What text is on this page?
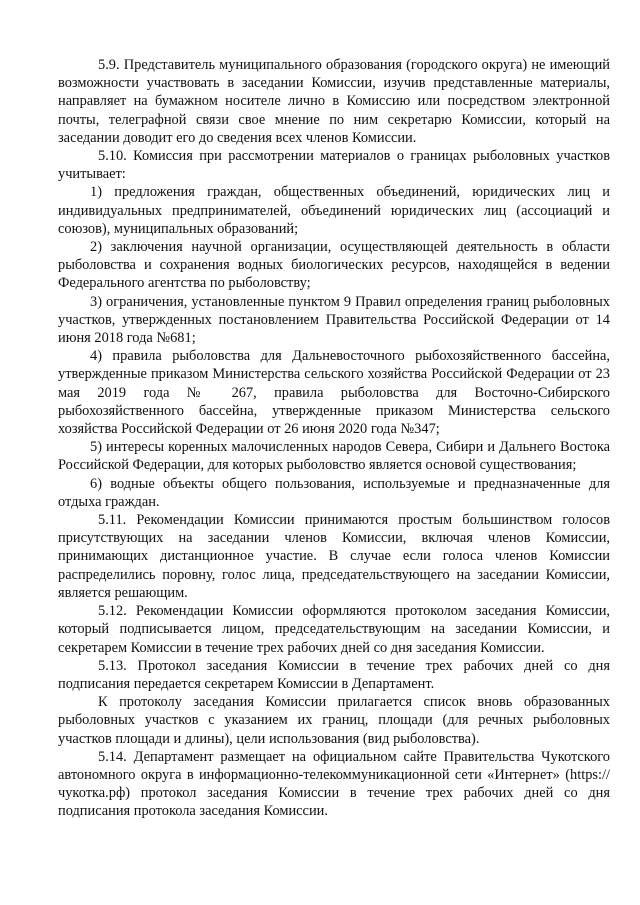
5.9. Представитель муниципального образования (городского округа) не имеющий возможности участвовать в заседании Комиссии, изучив представленные материалы, направляет на бумажном носителе лично в Комиссию или посредством электронной почты, телеграфной связи свое мнение по ним секретарю Комиссии, который на заседании доводит его до сведения всех членов Комиссии.

5.10. Комиссия при рассмотрении материалов о границах рыболовных участков учитывает:

1) предложения граждан, общественных объединений, юридических лиц и индивидуальных предпринимателей, объединений юридических лиц (ассоциаций и союзов), муниципальных образований;

2) заключения научной организации, осуществляющей деятельность в области рыболовства и сохранения водных биологических ресурсов, находящейся в ведении Федерального агентства по рыболовству;

3) ограничения, установленные пунктом 9 Правил определения границ рыболовных участков, утвержденных постановлением Правительства Российской Федерации от 14 июня 2018 года №681;

4) правила рыболовства для Дальневосточного рыбохозяйственного бассейна, утвержденные приказом Министерства сельского хозяйства Российской Федерации от 23 мая 2019 года № 267, правила рыболовства для Восточно-Сибирского рыбохозяйственного бассейна, утвержденные приказом Министерства сельского хозяйства Российской Федерации от 26 июня 2020 года №347;

5) интересы коренных малочисленных народов Севера, Сибири и Дальнего Востока Российской Федерации, для которых рыболовство является основой существования;

6) водные объекты общего пользования, используемые и предназначенные для отдыха граждан.

5.11. Рекомендации Комиссии принимаются простым большинством голосов присутствующих на заседании членов Комиссии, включая членов Комиссии, принимающих дистанционное участие. В случае если голоса членов Комиссии распределились поровну, голос лица, председательствующего на заседании Комиссии, является решающим.

5.12. Рекомендации Комиссии оформляются протоколом заседания Комиссии, который подписывается лицом, председательствующим на заседании Комиссии, и секретарем Комиссии в течение трех рабочих дней со дня заседания Комиссии.

5.13. Протокол заседания Комиссии в течение трех рабочих дней со дня подписания передается секретарем Комиссии в Департамент.

К протоколу заседания Комиссии прилагается список вновь образованных рыболовных участков с указанием их границ, площади (для речных рыболовных участков площади и длины), цели использования (вид рыболовства).

5.14. Департамент размещает на официальном сайте Правительства Чукотского автономного округа в информационно-телекоммуникационной сети «Интернет» (https://чукотка.рф) протокол заседания Комиссии в течение трех рабочих дней со дня подписания протокола заседания Комиссии.
